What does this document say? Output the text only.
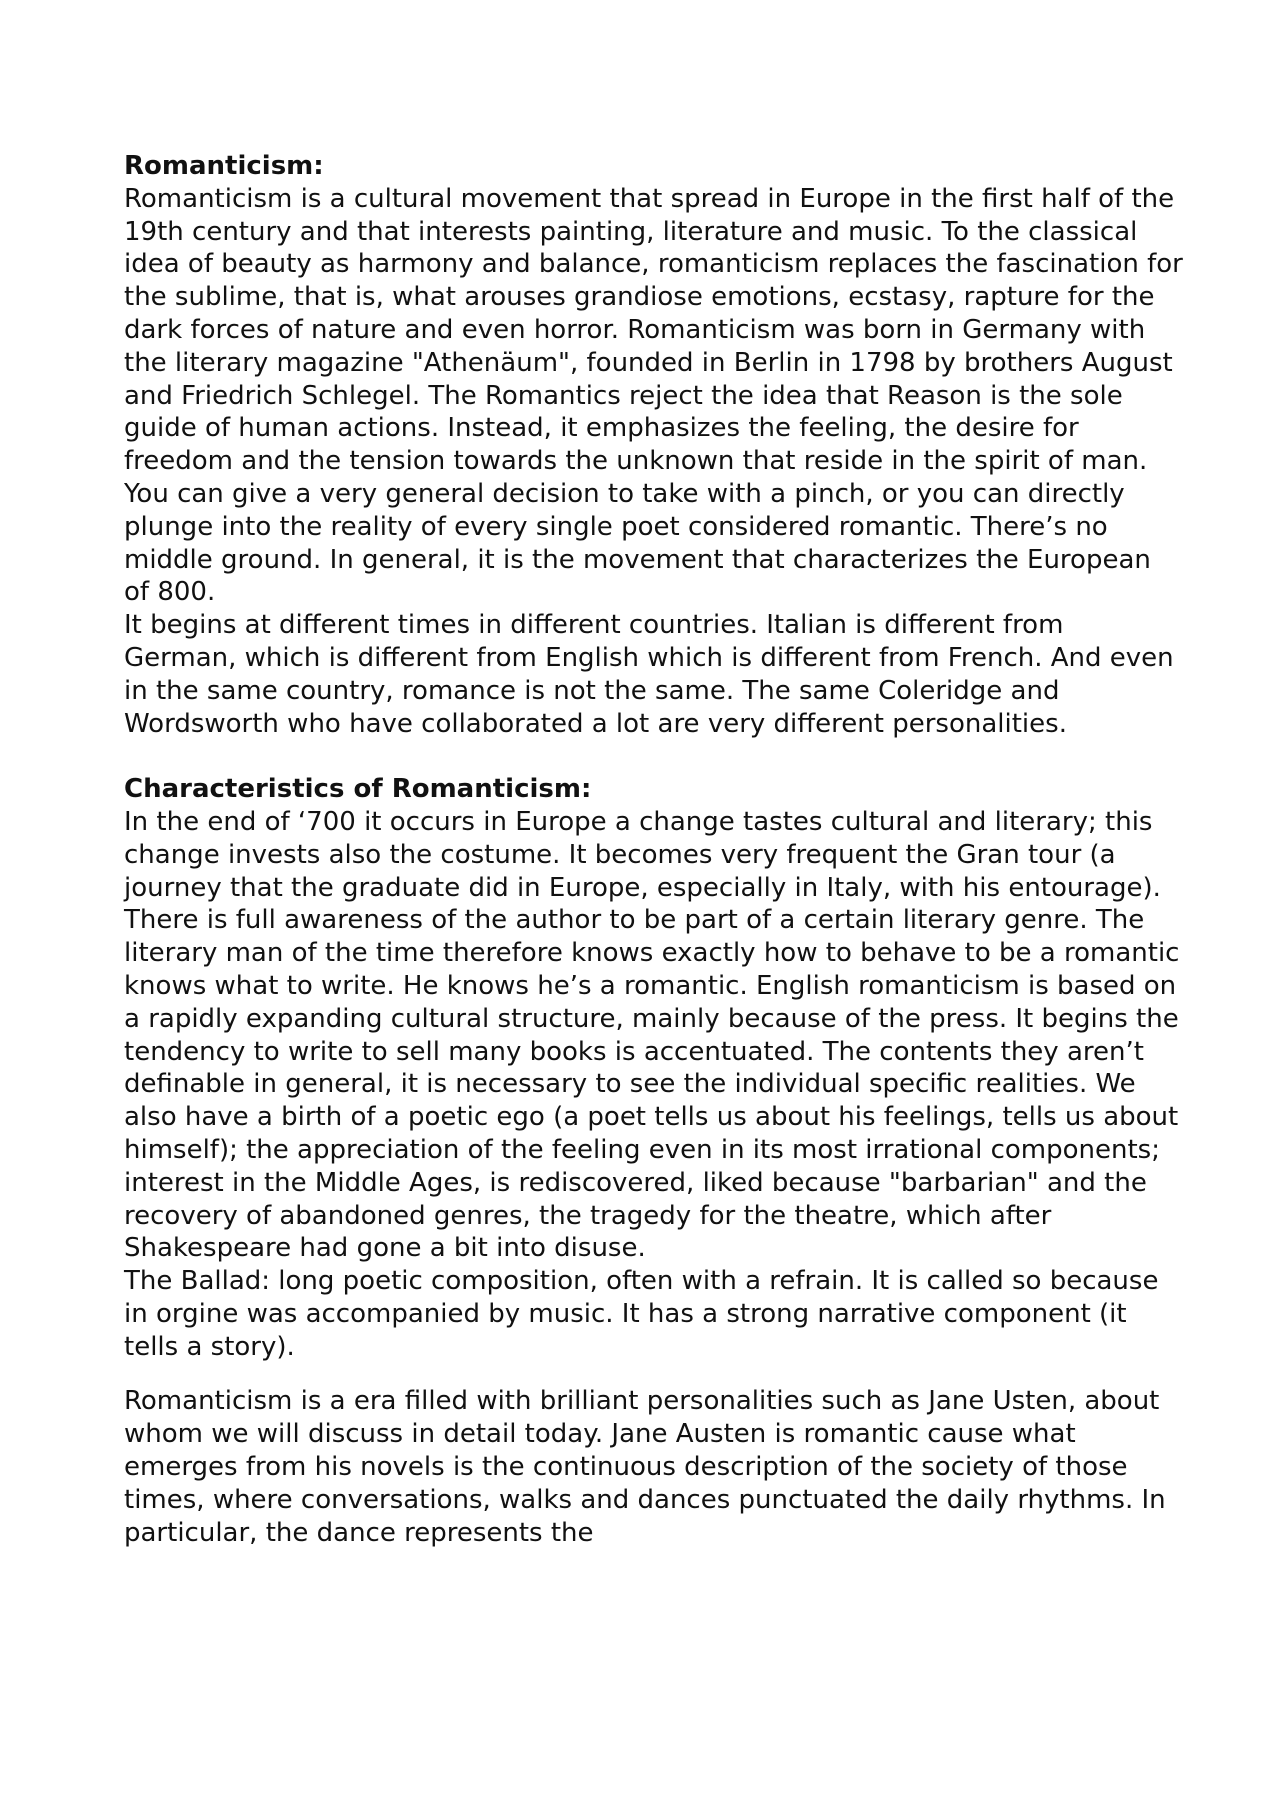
Romanticism:

Romanticism is a cultural movement that spread in Europe in the first half of the 19th century and that interests painting, literature and music. To the classical idea of beauty as harmony and balance, romanticism replaces the fascination for the sublime, that is, what arouses grandiose emotions, ecstasy, rapture for the dark forces of nature and even horror. Romanticism was born in Germany with the literary magazine "Athenäum", founded in Berlin in 1798 by brothers August and Friedrich Schlegel. The Romantics reject the idea that Reason is the sole guide of human actions. Instead, it emphasizes the feeling, the desire for freedom and the tension towards the unknown that reside in the spirit of man. You can give a very general decision to take with a pinch, or you can directly plunge into the reality of every single poet considered romantic. There’s no middle ground. In general, it is the movement that characterizes the European of 800.

It begins at different times in different countries. Italian is different from German, which is different from English which is different from French. And even in the same country, romance is not the same. The same Coleridge and Wordsworth who have collaborated a lot are very different personalities.

Characteristics of Romanticism:

In the end of ‘700 it occurs in Europe a change tastes cultural and literary; this change invests also the costume. It becomes very frequent the Gran tour (a journey that the graduate did in Europe, especially in Italy, with his entourage).

There is full awareness of the author to be part of a certain literary genre. The literary man of the time therefore knows exactly how to behave to be a romantic knows what to write. He knows he’s a romantic. English romanticism is based on a rapidly expanding cultural structure, mainly because of the press. It begins the tendency to write to sell many books is accentuated. The contents they aren’t definable in general, it is necessary to see the individual specific realities. We also have a birth of a poetic ego (a poet tells us about his feelings, tells us about himself); the appreciation of the feeling even in its most irrational components; interest in the Middle Ages, is rediscovered, liked because "barbarian" and the recovery of abandoned genres, the tragedy for the theatre, which after Shakespeare had gone a bit into disuse.

The Ballad: long poetic composition, often with a refrain. It is called so because in orgine was accompanied by music. It has a strong narrative component (it tells a story).

Romanticism is a era filled with brilliant personalities such as Jane Usten, about whom we will discuss in detail today. Jane Austen is romantic cause what emerges from his novels is the continuous description of the society of those times, where conversations, walks and dances punctuated the daily rhythms. In particular, the dance represents the
